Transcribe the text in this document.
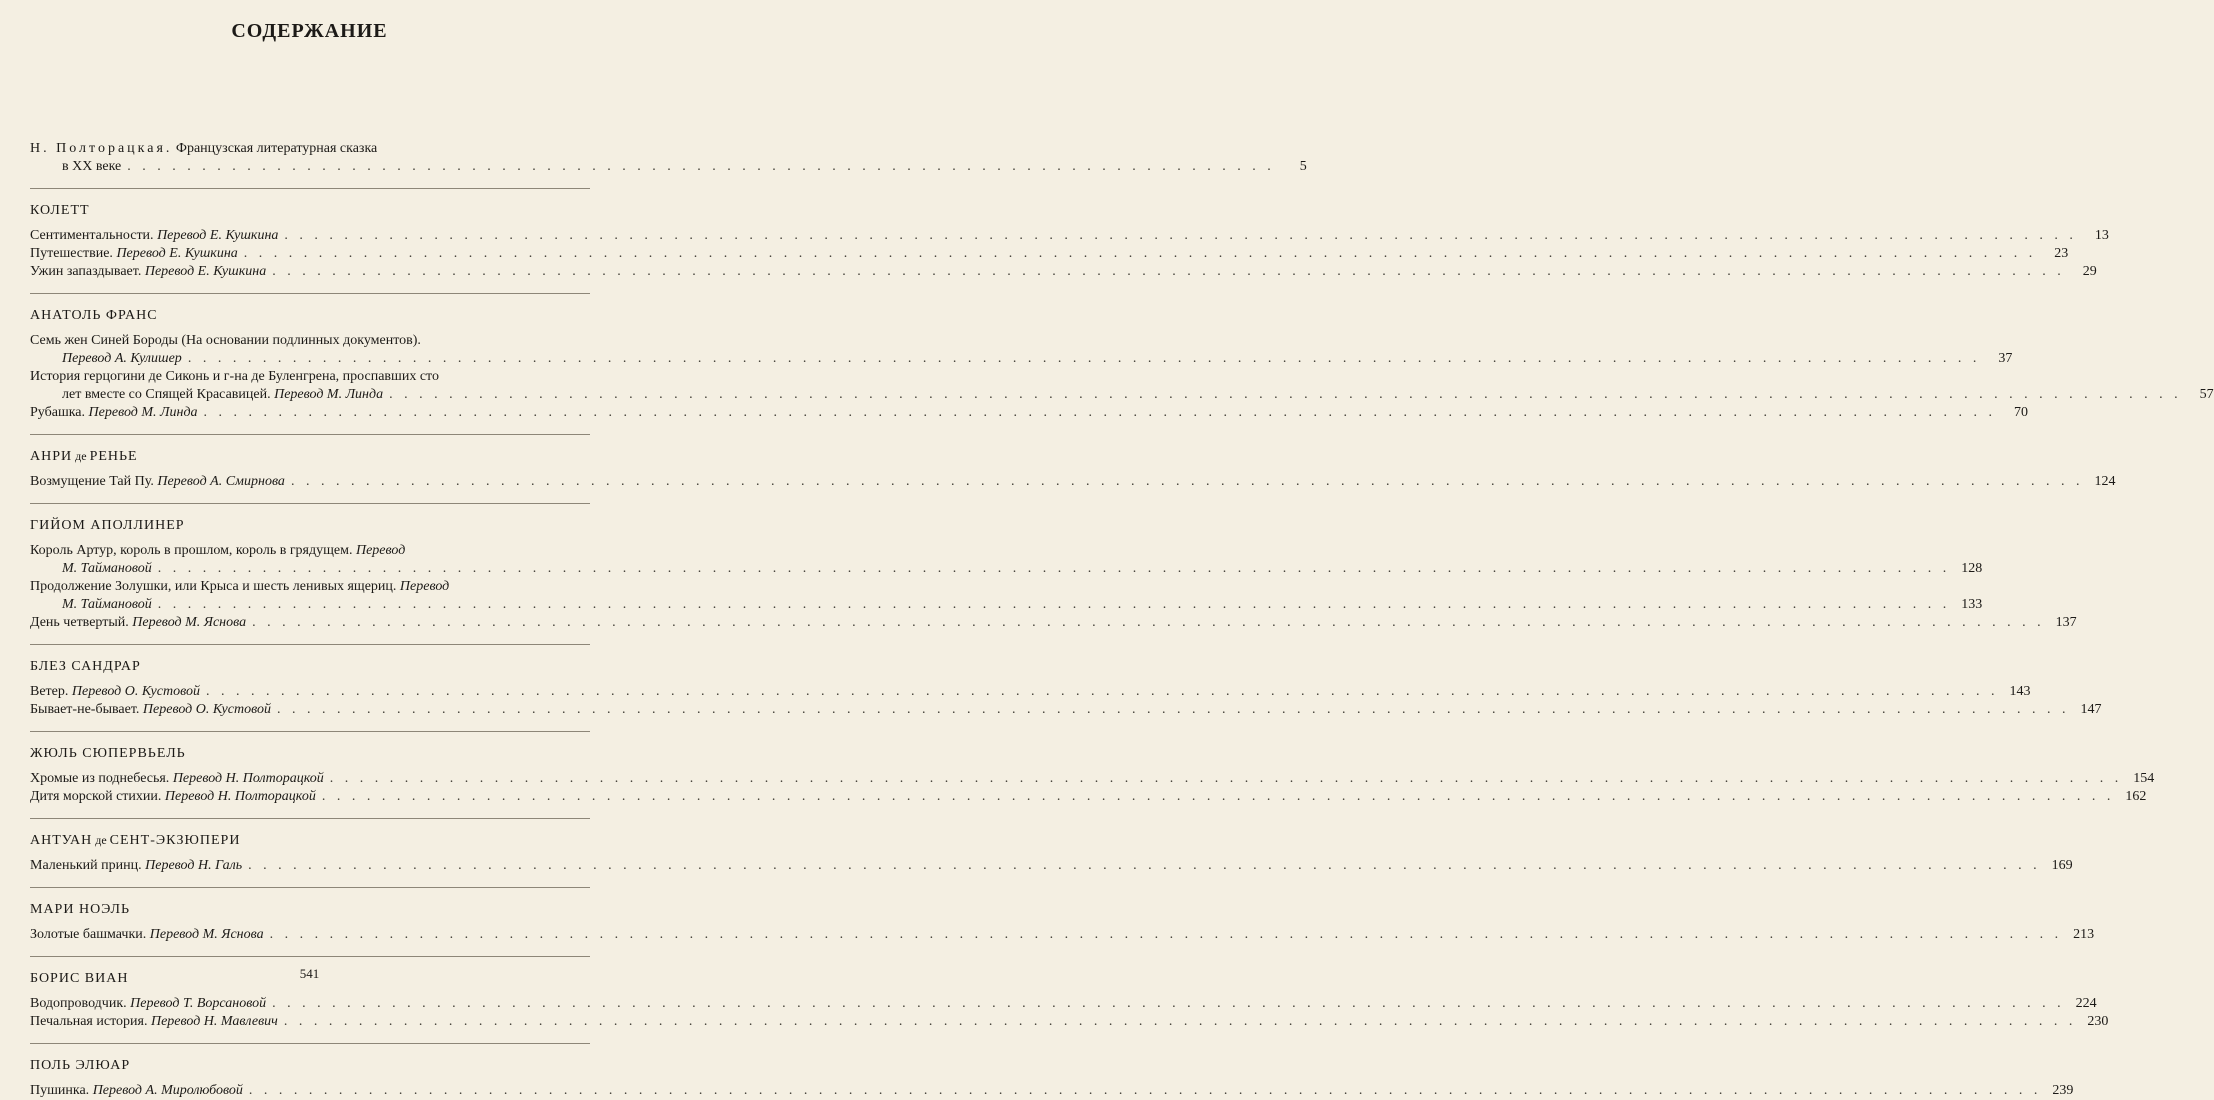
СОДЕРЖАНИЕ
Н. Полторацкая. Французская литературная сказка
в XX веке . . . . . . . . . . . . . . . . . . . . . . . . . . . . . . . . . . . . . . . . . . . . . . . . . . . . . . . . . . . . . . . . . . . . . . . . . . . . .	5
КОЛЕТТ
Сентиментальности. Перевод Е. Кушкина . . . . . . . . . . . . . . . . . . . . . . . . . . . . . . . . . . . . . . . . . . . . . . . . . . . . . . . . . . . . . . . . . . . . . . . . . . . . . . . . . . . . . . . . . . . . . . . . . . . . . . . . . . . . . . . . . . . . . . . .	13
Путешествие. Перевод Е. Кушкина . . . . . . . . . . . . . . . . . . . . . . . . . . . . . . . . . . . . . . . . . . . . . . . . . . . . . . . . . . . . . . . . . . . . . . . . . . . . . . . . . . . . . . . . . . . . . . . . . . . . . . . . . . . . . . . . . . . . . . . .	23
Ужин запаздывает. Перевод Е. Кушкина . . . . . . . . . . . . . . . . . . . . . . . . . . . . . . . . . . . . . . . . . . . . . . . . . . . . . . . . . . . . . . . . . . . . . . . . . . . . . . . . . . . . . . . . . . . . . . . . . . . . . . . . . . . . . . . . . . . . . . . .	29
АНАТОЛЬ ФРАНС
Семь жен Синей Бороды (На основании подлинных документов).
Перевод А. Кулишер . . . . . . . . . . . . . . . . . . . . . . . . . . . . . . . . . . . . . . . . . . . . . . . . . . . . . . . . . . . . . . . . . . . . . . . . . . . . . . . . . . . . . . . . . . . . . . . . . . . . . . . . . . . . . . . . . . . . . . . .	37
История герцогини де Сиконь и г-на де Буленгрена, проспавших сто
лет вместе со Спящей Красавицей. Перевод М. Линда . . . . . . . . . . . . . . . . . . . . . . . . . . . . . . . . . . . . . . . . . . . . . . . . . . . . . . . . . . . . . . . . . . . . . . . . . . . . . . . . . . . . . . . . . . . . . . . . . . . . . . . . . . . . . . . . . . . . . . . .	57
Рубашка. Перевод М. Линда . . . . . . . . . . . . . . . . . . . . . . . . . . . . . . . . . . . . . . . . . . . . . . . . . . . . . . . . . . . . . . . . . . . . . . . . . . . . . . . . . . . . . . . . . . . . . . . . . . . . . . . . . . . . . . . . . . . . . . . .	70
АНРИ де РЕНЬЕ
Возмущение Тай Пу. Перевод А. Смирнова . . . . . . . . . . . . . . . . . . . . . . . . . . . . . . . . . . . . . . . . . . . . . . . . . . . . . . . . . . . . . . . . . . . . . . . . . . . . . . . . . . . . . . . . . . . . . . . . . . . . . . . . . . . . . . . . . . . . . . . . 124
ГИЙОМ АПОЛЛИНЕР
Король Артур, король в прошлом, король в грядущем. Перевод
М. Таймановой . . . . . . . . . . . . . . . . . . . . . . . . . . . . . . . . . . . . . . . . . . . . . . . . . . . . . . . . . . . . . . . . . . . . . . . . . . . . . . . . . . . . . . . . . . . . . . . . . . . . . . . . . . . . . . . . . . . . . . . . 128
Продолжение Золушки, или Крыса и шесть ленивых ящериц. Перевод
М. Таймановой . . . . . . . . . . . . . . . . . . . . . . . . . . . . . . . . . . . . . . . . . . . . . . . . . . . . . . . . . . . . . . . . . . . . . . . . . . . . . . . . . . . . . . . . . . . . . . . . . . . . . . . . . . . . . . . . . . . . . . . . 133
День четвертый. Перевод М. Яснова . . . . . . . . . . . . . . . . . . . . . . . . . . . . . . . . . . . . . . . . . . . . . . . . . . . . . . . . . . . . . . . . . . . . . . . . . . . . . . . . . . . . . . . . . . . . . . . . . . . . . . . . . . . . . . . . . . . . . . . . 137
БЛЕЗ САНДРАР
Ветер. Перевод О. Кустовой . . . . . . . . . . . . . . . . . . . . . . . . . . . . . . . . . . . . . . . . . . . . . . . . . . . . . . . . . . . . . . . . . . . . . . . . . . . . . . . . . . . . . . . . . . . . . . . . . . . . . . . . . . . . . . . . . . . . . . . . 143
Бывает-не-бывает. Перевод О. Кустовой . . . . . . . . . . . . . . . . . . . . . . . . . . . . . . . . . . . . . . . . . . . . . . . . . . . . . . . . . . . . . . . . . . . . . . . . . . . . . . . . . . . . . . . . . . . . . . . . . . . . . . . . . . . . . . . . . . . . . . . . 147
ЖЮЛЬ СЮПЕРВЬЕЛЬ
Хромые из поднебесья. Перевод Н. Полторацкой . . . . . . . . . . . . . . . . . . . . . . . . . . . . . . . . . . . . . . . . . . . . . . . . . . . . . . . . . . . . . . . . . . . . . . . . . . . . . . . . . . . . . . . . . . . . . . . . . . . . . . . . . . . . . . . . . . . . . . . . 154
Дитя морской стихии. Перевод Н. Полторацкой . . . . . . . . . . . . . . . . . . . . . . . . . . . . . . . . . . . . . . . . . . . . . . . . . . . . . . . . . . . . . . . . . . . . . . . . . . . . . . . . . . . . . . . . . . . . . . . . . . . . . . . . . . . . . . . . . . . . . . . . 162
АНТУАН де СЕНТ-ЭКЗЮПЕРИ
Маленький принц. Перевод Н. Галь . . . . . . . . . . . . . . . . . . . . . . . . . . . . . . . . . . . . . . . . . . . . . . . . . . . . . . . . . . . . . . . . . . . . . . . . . . . . . . . . . . . . . . . . . . . . . . . . . . . . . . . . . . . . . . . . . . . . . . . . 169
МАРИ НОЭЛЬ
Золотые башмачки. Перевод М. Яснова . . . . . . . . . . . . . . . . . . . . . . . . . . . . . . . . . . . . . . . . . . . . . . . . . . . . . . . . . . . . . . . . . . . . . . . . . . . . . . . . . . . . . . . . . . . . . . . . . . . . . . . . . . . . . . . . . . . . . . . . 213
БОРИС ВИАН
Водопроводчик. Перевод Т. Ворсановой . . . . . . . . . . . . . . . . . . . . . . . . . . . . . . . . . . . . . . . . . . . . . . . . . . . . . . . . . . . . . . . . . . . . . . . . . . . . . . . . . . . . . . . . . . . . . . . . . . . . . . . . . . . . . . . . . . . . . . . . 224
Печальная история. Перевод Н. Мавлевич . . . . . . . . . . . . . . . . . . . . . . . . . . . . . . . . . . . . . . . . . . . . . . . . . . . . . . . . . . . . . . . . . . . . . . . . . . . . . . . . . . . . . . . . . . . . . . . . . . . . . . . . . . . . . . . . . . . . . . . . 230
ПОЛЬ ЭЛЮАР
Пушинка. Перевод А. Миролюбовой . . . . . . . . . . . . . . . . . . . . . . . . . . . . . . . . . . . . . . . . . . . . . . . . . . . . . . . . . . . . . . . . . . . . . . . . . . . . . . . . . . . . . . . . . . . . . . . . . . . . . . . . . . . . . . . . . . . . . . . . 239
541
